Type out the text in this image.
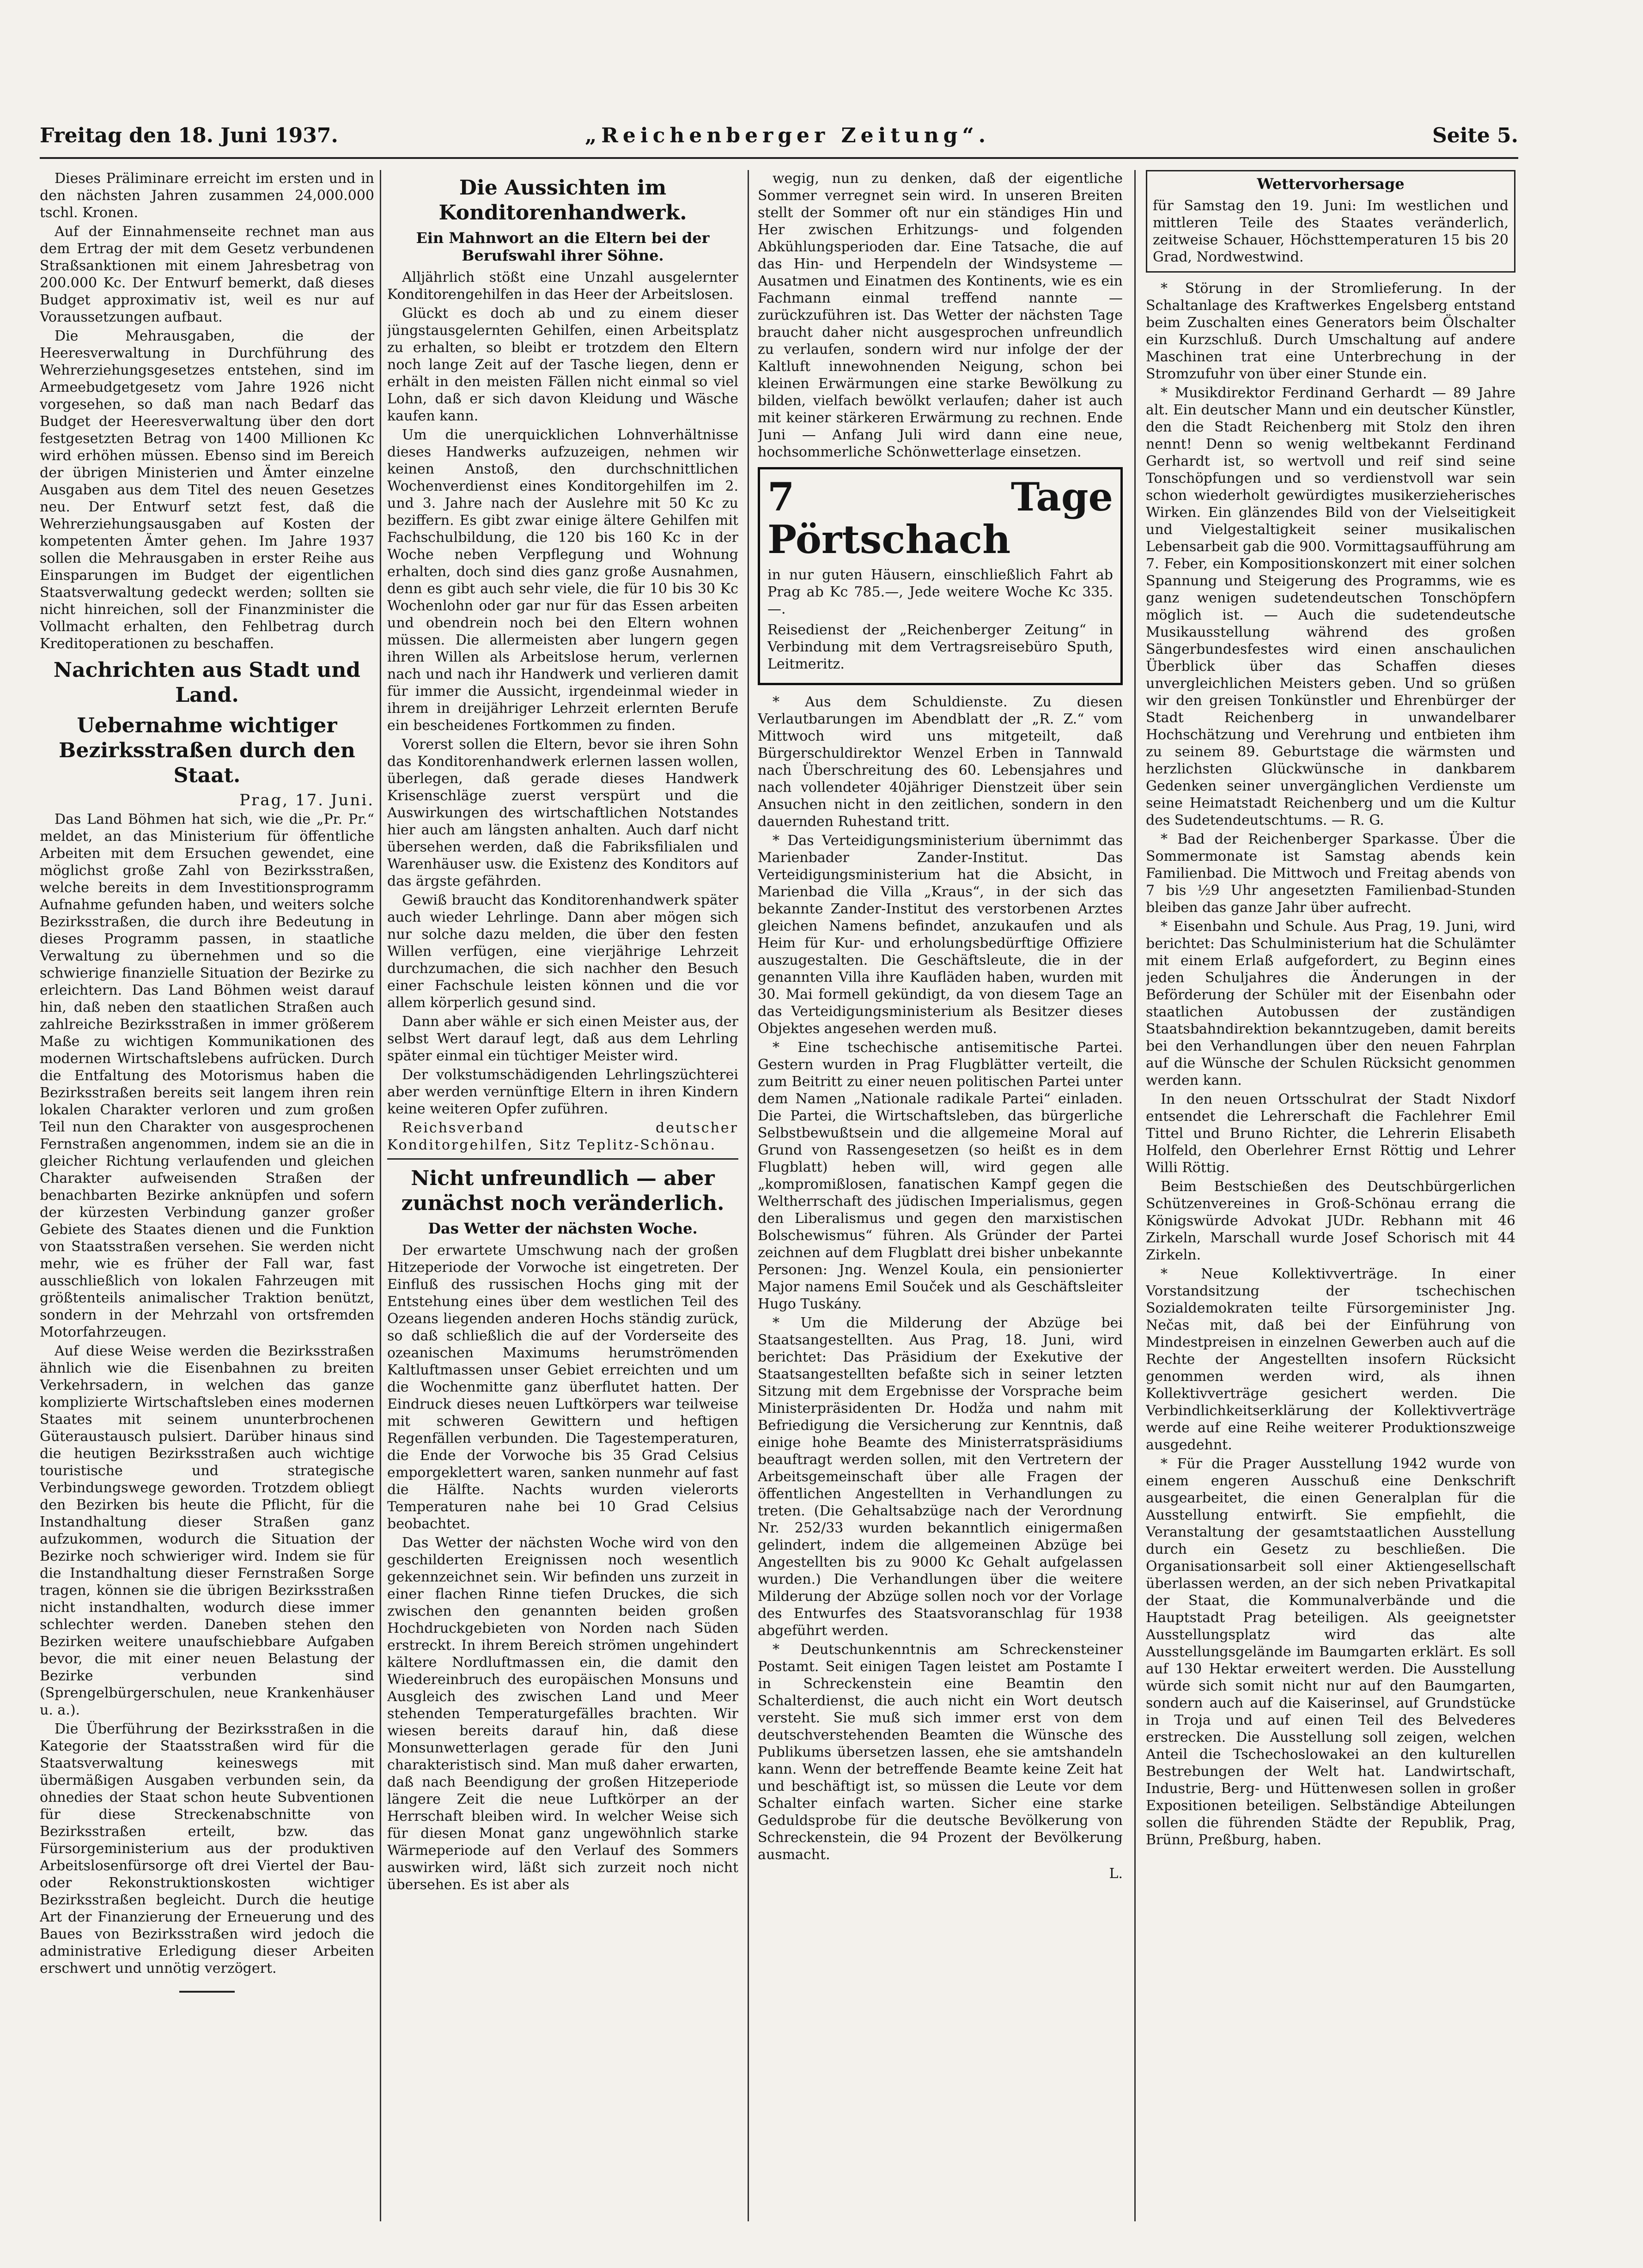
Freitag den 18. Juni 1937.	„Reichenberger Zeitung“.	Seite 5.

Dieses Präliminare erreicht im ersten und in den nächsten Jahren zusammen 24,000.000 tschl. Kronen.

Auf der Einnahmenseite rechnet man aus dem Ertrag der mit dem Gesetz verbundenen Straßsanktionen mit einem Jahresbetrag von 200.000 Kc. Der Entwurf bemerkt, daß dieses Budget approximativ ist, weil es nur auf Voraussetzungen aufbaut.

Die Mehrausgaben, die der Heeresverwaltung in Durchführung des Wehrerziehungsgesetzes entstehen, sind im Armeebudgetgesetz vom Jahre 1926 nicht vorgesehen, so daß man nach Bedarf das Budget der Heeresverwaltung über den dort festgesetzten Betrag von 1400 Millionen Kc wird erhöhen müssen. Ebenso sind im Bereich der übrigen Ministerien und Ämter einzelne Ausgaben aus dem Titel des neuen Gesetzes neu. Der Entwurf setzt fest, daß die Wehrerziehungsausgaben auf Kosten der kompetenten Ämter gehen. Im Jahre 1937 sollen die Mehrausgaben in erster Reihe aus Einsparungen im Budget der eigentlichen Staatsverwaltung gedeckt werden; sollten sie nicht hinreichen, soll der Finanzminister die Vollmacht erhalten, den Fehlbetrag durch Kreditoperationen zu beschaffen.

Nachrichten aus Stadt und Land.
Uebernahme wichtiger Bezirksstraßen durch den Staat.
Prag, 17. Juni.

Das Land Böhmen hat sich, wie die „Pr. Pr.“ meldet, an das Ministerium für öffentliche Arbeiten mit dem Ersuchen gewendet, eine möglichst große Zahl von Bezirksstraßen, welche bereits in dem Investitionsprogramm Aufnahme gefunden haben, und weiters solche Bezirksstraßen, die durch ihre Bedeutung in dieses Programm passen, in staatliche Verwaltung zu übernehmen und so die schwierige finanzielle Situation der Bezirke zu erleichtern. Das Land Böhmen weist darauf hin, daß neben den staatlichen Straßen auch zahlreiche Bezirksstraßen in immer größerem Maße zu wichtigen Kommunikationen des modernen Wirtschaftslebens aufrücken. Durch die Entfaltung des Motorismus haben die Bezirksstraßen bereits seit langem ihren rein lokalen Charakter verloren und zum großen Teil nun den Charakter von ausgesprochenen Fernstraßen angenommen, indem sie an die in gleicher Richtung verlaufenden und gleichen Charakter aufweisenden Straßen der benachbarten Bezirke anknüpfen und sofern der kürzesten Verbindung ganzer großer Gebiete des Staates dienen und die Funktion von Staatsstraßen versehen. Sie werden nicht mehr, wie es früher der Fall war, fast ausschließlich von lokalen Fahrzeugen mit größtenteils animalischer Traktion benützt, sondern in der Mehrzahl von ortsfremden Motorfahrzeugen.

Auf diese Weise werden die Bezirksstraßen ähnlich wie die Eisenbahnen zu breiten Verkehrsadern, in welchen das ganze komplizierte Wirtschaftsleben eines modernen Staates mit seinem ununterbrochenen Güteraustausch pulsiert. Darüber hinaus sind die heutigen Bezirksstraßen auch wichtige touristische und strategische Verbindungswege geworden. Trotzdem obliegt den Bezirken bis heute die Pflicht, für die Instandhaltung dieser Straßen ganz aufzukommen, wodurch die Situation der Bezirke noch schwieriger wird. Indem sie für die Instandhaltung dieser Fernstraßen Sorge tragen, können sie die übrigen Bezirksstraßen nicht instandhalten, wodurch diese immer schlechter werden. Daneben stehen den Bezirken weitere unaufschiebbare Aufgaben bevor, die mit einer neuen Belastung der Bezirke verbunden sind (Sprengelbürgerschulen, neue Krankenhäuser u. a.).

Die Überführung der Bezirksstraßen in die Kategorie der Staatsstraßen wird für die Staatsverwaltung keineswegs mit übermäßigen Ausgaben verbunden sein, da ohnedies der Staat schon heute Subventionen für diese Streckenabschnitte von Bezirksstraßen erteilt, bzw. das Fürsorgeministerium aus der produktiven Arbeitslosenfürsorge oft drei Viertel der Bau- oder Rekonstruktionskosten wichtiger Bezirksstraßen begleicht. Durch die heutige Art der Finanzierung der Erneuerung und des Baues von Bezirksstraßen wird jedoch die administrative Erledigung dieser Arbeiten erschwert und unnötig verzögert.

Die Aussichten im Konditorenhandwerk.
Ein Mahnwort an die Eltern bei der Berufswahl ihrer Söhne.

Alljährlich stößt eine Unzahl ausgelernter Konditorengehilfen in das Heer der Arbeitslosen.

Glückt es doch ab und zu einem dieser jüngstausgelernten Gehilfen, einen Arbeitsplatz zu erhalten, so bleibt er trotzdem den Eltern noch lange Zeit auf der Tasche liegen, denn er erhält in den meisten Fällen nicht einmal so viel Lohn, daß er sich davon Kleidung und Wäsche kaufen kann.

Um die unerquicklichen Lohnverhältnisse dieses Handwerks aufzuzeigen, nehmen wir keinen Anstoß, den durchschnittlichen Wochenverdienst eines Konditorgehilfen im 2. und 3. Jahre nach der Auslehre mit 50 Kc zu beziffern. Es gibt zwar einige ältere Gehilfen mit Fachschulbildung, die 120 bis 160 Kc in der Woche neben Verpflegung und Wohnung erhalten, doch sind dies ganz große Ausnahmen, denn es gibt auch sehr viele, die für 10 bis 30 Kc Wochenlohn oder gar nur für das Essen arbeiten und obendrein noch bei den Eltern wohnen müssen. Die allermeisten aber lungern gegen ihren Willen als Arbeitslose herum, verlernen nach und nach ihr Handwerk und verlieren damit für immer die Aussicht, irgendeinmal wieder in ihrem in dreijähriger Lehrzeit erlernten Berufe ein bescheidenes Fortkommen zu finden.

Vorerst sollen die Eltern, bevor sie ihren Sohn das Konditorenhandwerk erlernen lassen wollen, überlegen, daß gerade dieses Handwerk Krisenschläge zuerst verspürt und die Auswirkungen des wirtschaftlichen Notstandes hier auch am längsten anhalten. Auch darf nicht übersehen werden, daß die Fabriksfilialen und Warenhäuser usw. die Existenz des Konditors auf das ärgste gefährden.

Gewiß braucht das Konditorenhandwerk später auch wieder Lehrlinge. Dann aber mögen sich nur solche dazu melden, die über den festen Willen verfügen, eine vierjährige Lehrzeit durchzumachen, die sich nachher den Besuch einer Fachschule leisten können und die vor allem körperlich gesund sind.

Dann aber wähle er sich einen Meister aus, der selbst Wert darauf legt, daß aus dem Lehrling später einmal ein tüchtiger Meister wird.

Der volkstumschädigenden Lehrlingszüchterei aber werden vernünftige Eltern in ihren Kindern keine weiteren Opfer zuführen.

Reichsverband deutscher Konditorgehilfen, Sitz Teplitz-Schönau.

Nicht unfreundlich — aber zunächst noch veränderlich.
Das Wetter der nächsten Woche.

Der erwartete Umschwung nach der großen Hitzeperiode der Vorwoche ist eingetreten. Der Einfluß des russischen Hochs ging mit der Entstehung eines über dem westlichen Teil des Ozeans liegenden anderen Hochs ständig zurück, so daß schließlich die auf der Vorderseite des ozeanischen Maximums herumströmenden Kaltluftmassen unser Gebiet erreichten und um die Wochenmitte ganz überflutet hatten. Der Eindruck dieses neuen Luftkörpers war teilweise mit schweren Gewittern und heftigen Regenfällen verbunden. Die Tagestemperaturen, die Ende der Vorwoche bis 35 Grad Celsius emporgeklettert waren, sanken nunmehr auf fast die Hälfte. Nachts wurden vielerorts Temperaturen nahe bei 10 Grad Celsius beobachtet.

Das Wetter der nächsten Woche wird von den geschilderten Ereignissen noch wesentlich gekennzeichnet sein. Wir befinden uns zurzeit in einer flachen Rinne tiefen Druckes, die sich zwischen den genannten beiden großen Hochdruckgebieten von Norden nach Süden erstreckt. In ihrem Bereich strömen ungehindert kältere Nordluftmassen ein, die damit den Wiedereinbruch des europäischen Monsuns und Ausgleich des zwischen Land und Meer stehenden Temperaturgefälles brachten. Wir wiesen bereits darauf hin, daß diese Monsunwetterlagen gerade für den Juni charakteristisch sind. Man muß daher erwarten, daß nach Beendigung der großen Hitzeperiode längere Zeit die neue Luftkörper an der Herrschaft bleiben wird. In welcher Weise sich für diesen Monat ganz ungewöhnlich starke Wärmeperiode auf den Verlauf des Sommers auswirken wird, läßt sich zurzeit noch nicht übersehen. Es ist aber als

wegig, nun zu denken, daß der eigentliche Sommer verregnet sein wird. In unseren Breiten stellt der Sommer oft nur ein ständiges Hin und Her zwischen Erhitzungs- und folgenden Abkühlungsperioden dar. Eine Tatsache, die auf das Hin- und Herpendeln der Windsysteme — Ausatmen und Einatmen des Kontinents, wie es ein Fachmann einmal treffend nannte — zurückzuführen ist. Das Wetter der nächsten Tage braucht daher nicht ausgesprochen unfreundlich zu verlaufen, sondern wird nur infolge der der Kaltluft innewohnenden Neigung, schon bei kleinen Erwärmungen eine starke Bewölkung zu bilden, vielfach bewölkt verlaufen; daher ist auch mit keiner stärkeren Erwärmung zu rechnen. Ende Juni — Anfang Juli wird dann eine neue, hochsommerliche Schönwetterlage einsetzen.

7 Tage Pörtschach

in nur guten Häusern, einschließlich Fahrt ab Prag ab Kc 785.—, Jede weitere Woche Kc 335.—.

Reisedienst der „Reichenberger Zeitung“ in Verbindung mit dem Vertragsreisebüro Sputh, Leitmeritz.

* Aus dem Schuldienste. Zu diesen Verlautbarungen im Abendblatt der „R. Z.“ vom Mittwoch wird uns mitgeteilt, daß Bürgerschuldirektor Wenzel Erben in Tannwald nach Überschreitung des 60. Lebensjahres und nach vollendeter 40jähriger Dienstzeit über sein Ansuchen nicht in den zeitlichen, sondern in den dauernden Ruhestand tritt.

* Das Verteidigungsministerium übernimmt das Marienbader Zander-Institut. Das Verteidigungsministerium hat die Absicht, in Marienbad die Villa „Kraus“, in der sich das bekannte Zander-Institut des verstorbenen Arztes gleichen Namens befindet, anzukaufen und als Heim für Kur- und erholungsbedürftige Offiziere auszugestalten. Die Geschäftsleute, die in der genannten Villa ihre Kaufläden haben, wurden mit 30. Mai formell gekündigt, da von diesem Tage an das Verteidigungsministerium als Besitzer dieses Objektes angesehen werden muß.

* Eine tschechische antisemitische Partei. Gestern wurden in Prag Flugblätter verteilt, die zum Beitritt zu einer neuen politischen Partei unter dem Namen „Nationale radikale Partei“ einladen. Die Partei, die Wirtschaftsleben, das bürgerliche Selbstbewußtsein und die allgemeine Moral auf Grund von Rassengesetzen (so heißt es in dem Flugblatt) heben will, wird gegen alle „kompromißlosen, fanatischen Kampf gegen die Weltherrschaft des jüdischen Imperialismus, gegen den Liberalismus und gegen den marxistischen Bolschewismus“ führen. Als Gründer der Partei zeichnen auf dem Flugblatt drei bisher unbekannte Personen: Jng. Wenzel Koula, ein pensionierter Major namens Emil Souček und als Geschäftsleiter Hugo Tuskány.

* Um die Milderung der Abzüge bei Staatsangestellten. Aus Prag, 18. Juni, wird berichtet: Das Präsidium der Exekutive der Staatsangestellten befaßte sich in seiner letzten Sitzung mit dem Ergebnisse der Vorsprache beim Ministerpräsidenten Dr. Hodža und nahm mit Befriedigung die Versicherung zur Kenntnis, daß einige hohe Beamte des Ministerratspräsidiums beauftragt werden sollen, mit den Vertretern der Arbeitsgemeinschaft über alle Fragen der öffentlichen Angestellten in Verhandlungen zu treten. (Die Gehaltsabzüge nach der Verordnung Nr. 252/33 wurden bekanntlich einigermaßen gelindert, indem die allgemeinen Abzüge bei Angestellten bis zu 9000 Kc Gehalt aufgelassen wurden.) Die Verhandlungen über die weitere Milderung der Abzüge sollen noch vor der Vorlage des Entwurfes des Staatsvoranschlag für 1938 abgeführt werden.

* Deutschunkenntnis am Schreckensteiner Postamt. Seit einigen Tagen leistet am Postamte I in Schreckenstein eine Beamtin den Schalterdienst, die auch nicht ein Wort deutsch versteht. Sie muß sich immer erst von dem deutschverstehenden Beamten die Wünsche des Publikums übersetzen lassen, ehe sie amtshandeln kann. Wenn der betreffende Beamte keine Zeit hat und beschäftigt ist, so müssen die Leute vor dem Schalter einfach warten. Sicher eine starke Geduldsprobe für die deutsche Bevölkerung von Schreckenstein, die 94 Prozent der Bevölkerung ausmacht.

L.

Wettervorhersage

für Samstag den 19. Juni: Im westlichen und mittleren Teile des Staates veränderlich, zeitweise Schauer, Höchsttemperaturen 15 bis 20 Grad, Nordwestwind.

* Störung in der Stromlieferung. In der Schaltanlage des Kraftwerkes Engelsberg entstand beim Zuschalten eines Generators beim Ölschalter ein Kurzschluß. Durch Umschaltung auf andere Maschinen trat eine Unterbrechung in der Stromzufuhr von über einer Stunde ein.

* Musikdirektor Ferdinand Gerhardt — 89 Jahre alt. Ein deutscher Mann und ein deutscher Künstler, den die Stadt Reichenberg mit Stolz den ihren nennt! Denn so wenig weltbekannt Ferdinand Gerhardt ist, so wertvoll und reif sind seine Tonschöpfungen und so verdienstvoll war sein schon wiederholt gewürdigtes musikerzieherisches Wirken. Ein glänzendes Bild von der Vielseitigkeit und Vielgestaltigkeit seiner musikalischen Lebensarbeit gab die 900. Vormittagsaufführung am 7. Feber, ein Kompositionskonzert mit einer solchen Spannung und Steigerung des Programms, wie es ganz wenigen sudetendeutschen Tonschöpfern möglich ist. — Auch die sudetendeutsche Musikausstellung während des großen Sängerbundesfestes wird einen anschaulichen Überblick über das Schaffen dieses unvergleichlichen Meisters geben. Und so grüßen wir den greisen Tonkünstler und Ehrenbürger der Stadt Reichenberg in unwandelbarer Hochschätzung und Verehrung und entbieten ihm zu seinem 89. Geburtstage die wärmsten und herzlichsten Glückwünsche in dankbarem Gedenken seiner unvergänglichen Verdienste um seine Heimatstadt Reichenberg und um die Kultur des Sudetendeutschtums. — R. G.

* Bad der Reichenberger Sparkasse. Über die Sommermonate ist Samstag abends kein Familienbad. Die Mittwoch und Freitag abends von 7 bis ½9 Uhr angesetzten Familienbad-Stunden bleiben das ganze Jahr über aufrecht.

* Eisenbahn und Schule. Aus Prag, 19. Juni, wird berichtet: Das Schulministerium hat die Schulämter mit einem Erlaß aufgefordert, zu Beginn eines jeden Schuljahres die Änderungen in der Beförderung der Schüler mit der Eisenbahn oder staatlichen Autobussen der zuständigen Staatsbahndirektion bekanntzugeben, damit bereits bei den Verhandlungen über den neuen Fahrplan auf die Wünsche der Schulen Rücksicht genommen werden kann.

In den neuen Ortsschulrat der Stadt Nixdorf entsendet die Lehrerschaft die Fachlehrer Emil Tittel und Bruno Richter, die Lehrerin Elisabeth Holfeld, den Oberlehrer Ernst Röttig und Lehrer Willi Röttig.

Beim Bestschießen des Deutschbürgerlichen Schützenvereines in Groß-Schönau errang die Königswürde Advokat JUDr. Rebhann mit 46 Zirkeln, Marschall wurde Josef Schorisch mit 44 Zirkeln.

* Neue Kollektivverträge. In einer Vorstandsitzung der tschechischen Sozialdemokraten teilte Fürsorgeminister Jng. Nečas mit, daß bei der Einführung von Mindestpreisen in einzelnen Gewerben auch auf die Rechte der Angestellten insofern Rücksicht genommen werden wird, als ihnen Kollektivverträge gesichert werden. Die Verbindlichkeitserklärung der Kollektivverträge werde auf eine Reihe weiterer Produktionszweige ausgedehnt.

* Für die Prager Ausstellung 1942 wurde von einem engeren Ausschuß eine Denkschrift ausgearbeitet, die einen Generalplan für die Ausstellung entwirft. Sie empfiehlt, die Veranstaltung der gesamtstaatlichen Ausstellung durch ein Gesetz zu beschließen. Die Organisationsarbeit soll einer Aktiengesellschaft überlassen werden, an der sich neben Privatkapital der Staat, die Kommunalverbände und die Hauptstadt Prag beteiligen. Als geeignetster Ausstellungsplatz wird das alte Ausstellungsgelände im Baumgarten erklärt. Es soll auf 130 Hektar erweitert werden. Die Ausstellung würde sich somit nicht nur auf den Baumgarten, sondern auch auf die Kaiserinsel, auf Grundstücke in Troja und auf einen Teil des Belvederes erstrecken. Die Ausstellung soll zeigen, welchen Anteil die Tschechoslowakei an den kulturellen Bestrebungen der Welt hat. Landwirtschaft, Industrie, Berg- und Hüttenwesen sollen in großer Expositionen beteiligen. Selbständige Abteilungen sollen die führenden Städte der Republik, Prag, Brünn, Preßburg, haben.
